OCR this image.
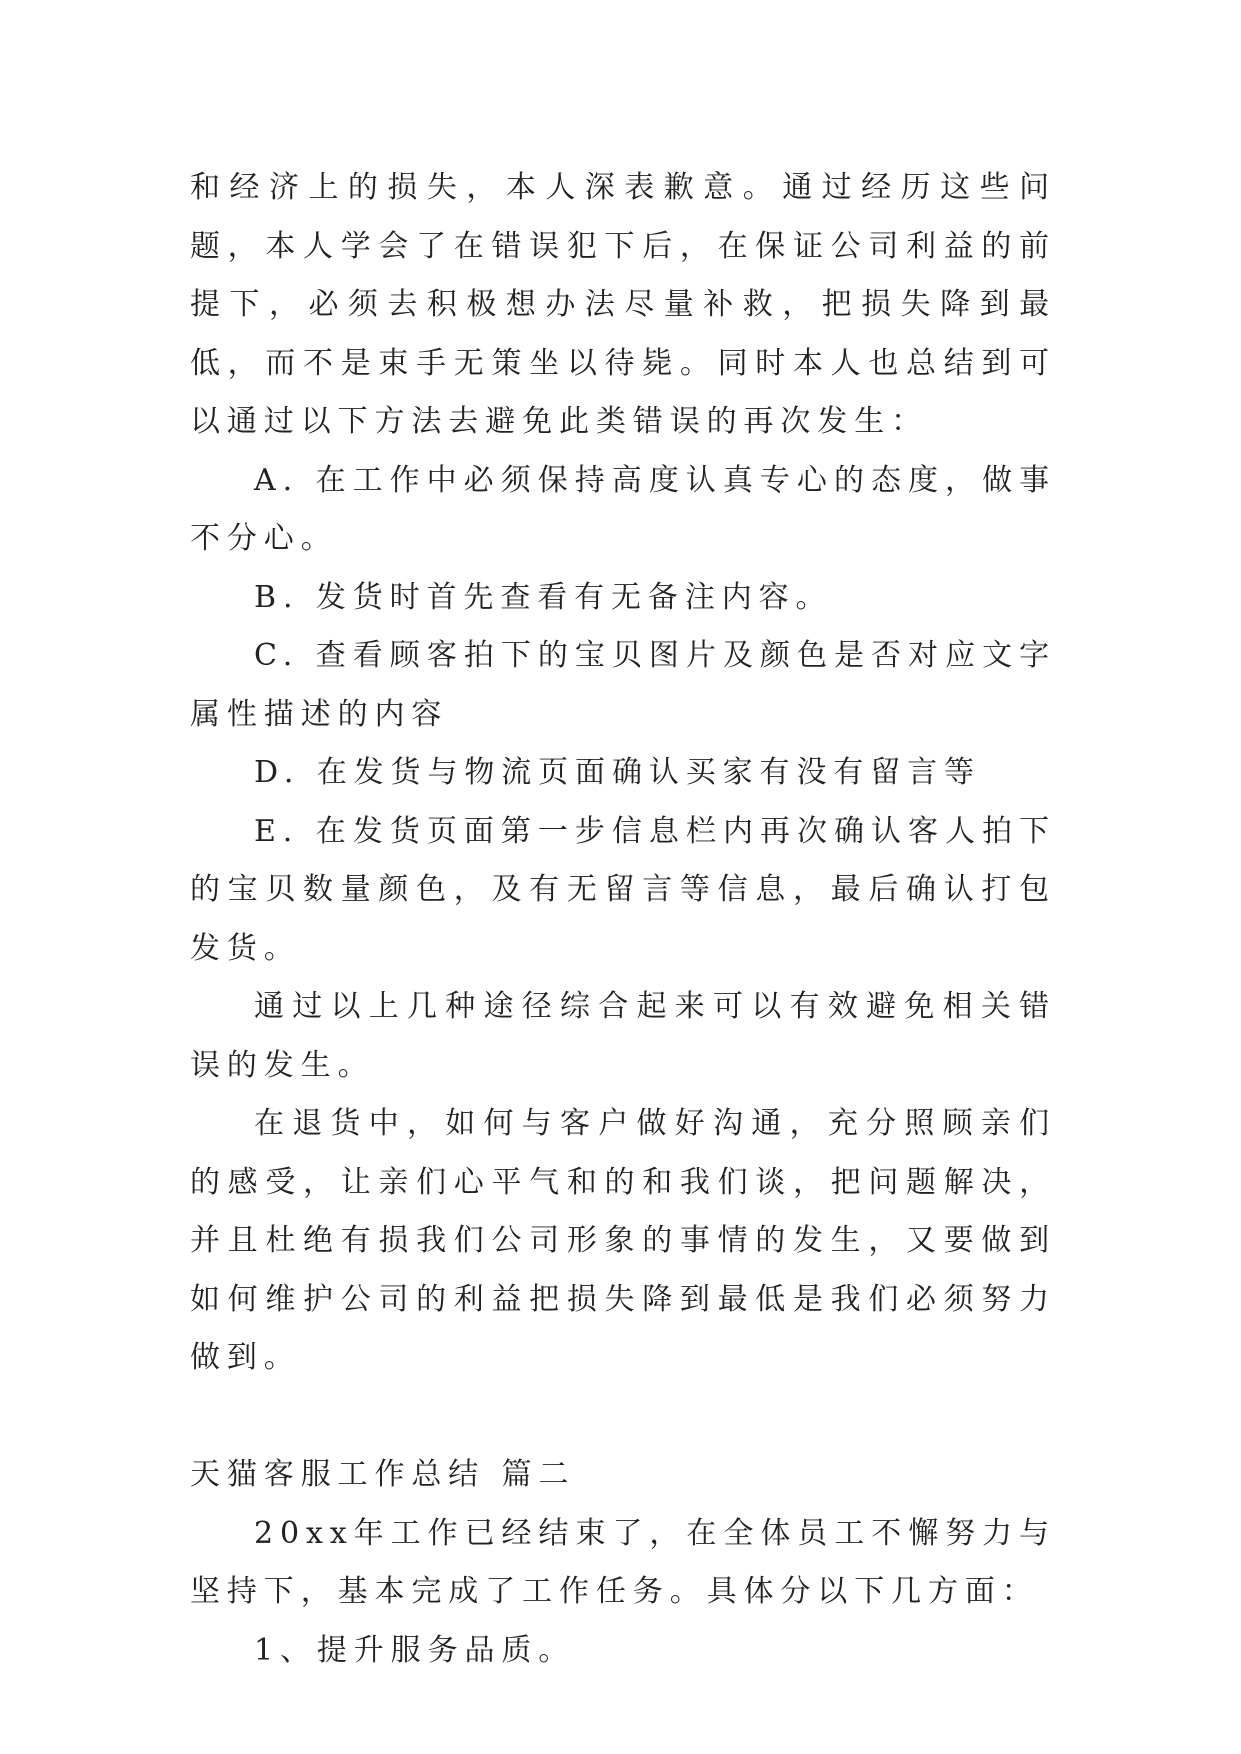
和经济上的损失，本人深表歉意。通过经历这些问题，本人学会了在错误犯下后，在保证公司利益的前提下，必须去积极想办法尽量补救，把损失降到最低，而不是束手无策坐以待毙。同时本人也总结到可以通过以下方法去避免此类错误的再次发生：

A. 在工作中必须保持高度认真专心的态度，做事不分心。

B. 发货时首先查看有无备注内容。

C. 查看顾客拍下的宝贝图片及颜色是否对应文字属性描述的内容

D. 在发货与物流页面确认买家有没有留言等

E. 在发货页面第一步信息栏内再次确认客人拍下的宝贝数量颜色，及有无留言等信息，最后确认打包发货。

通过以上几种途径综合起来可以有效避免相关错误的发生。

在退货中，如何与客户做好沟通，充分照顾亲们的感受，让亲们心平气和的和我们谈，把问题解决，并且杜绝有损我们公司形象的事情的发生，又要做到如何维护公司的利益把损失降到最低是我们必须努力做到。

天猫客服工作总结 篇二

20xx年工作已经结束了，在全体员工不懈努力与坚持下，基本完成了工作任务。具体分以下几方面：

1、提升服务品质。
